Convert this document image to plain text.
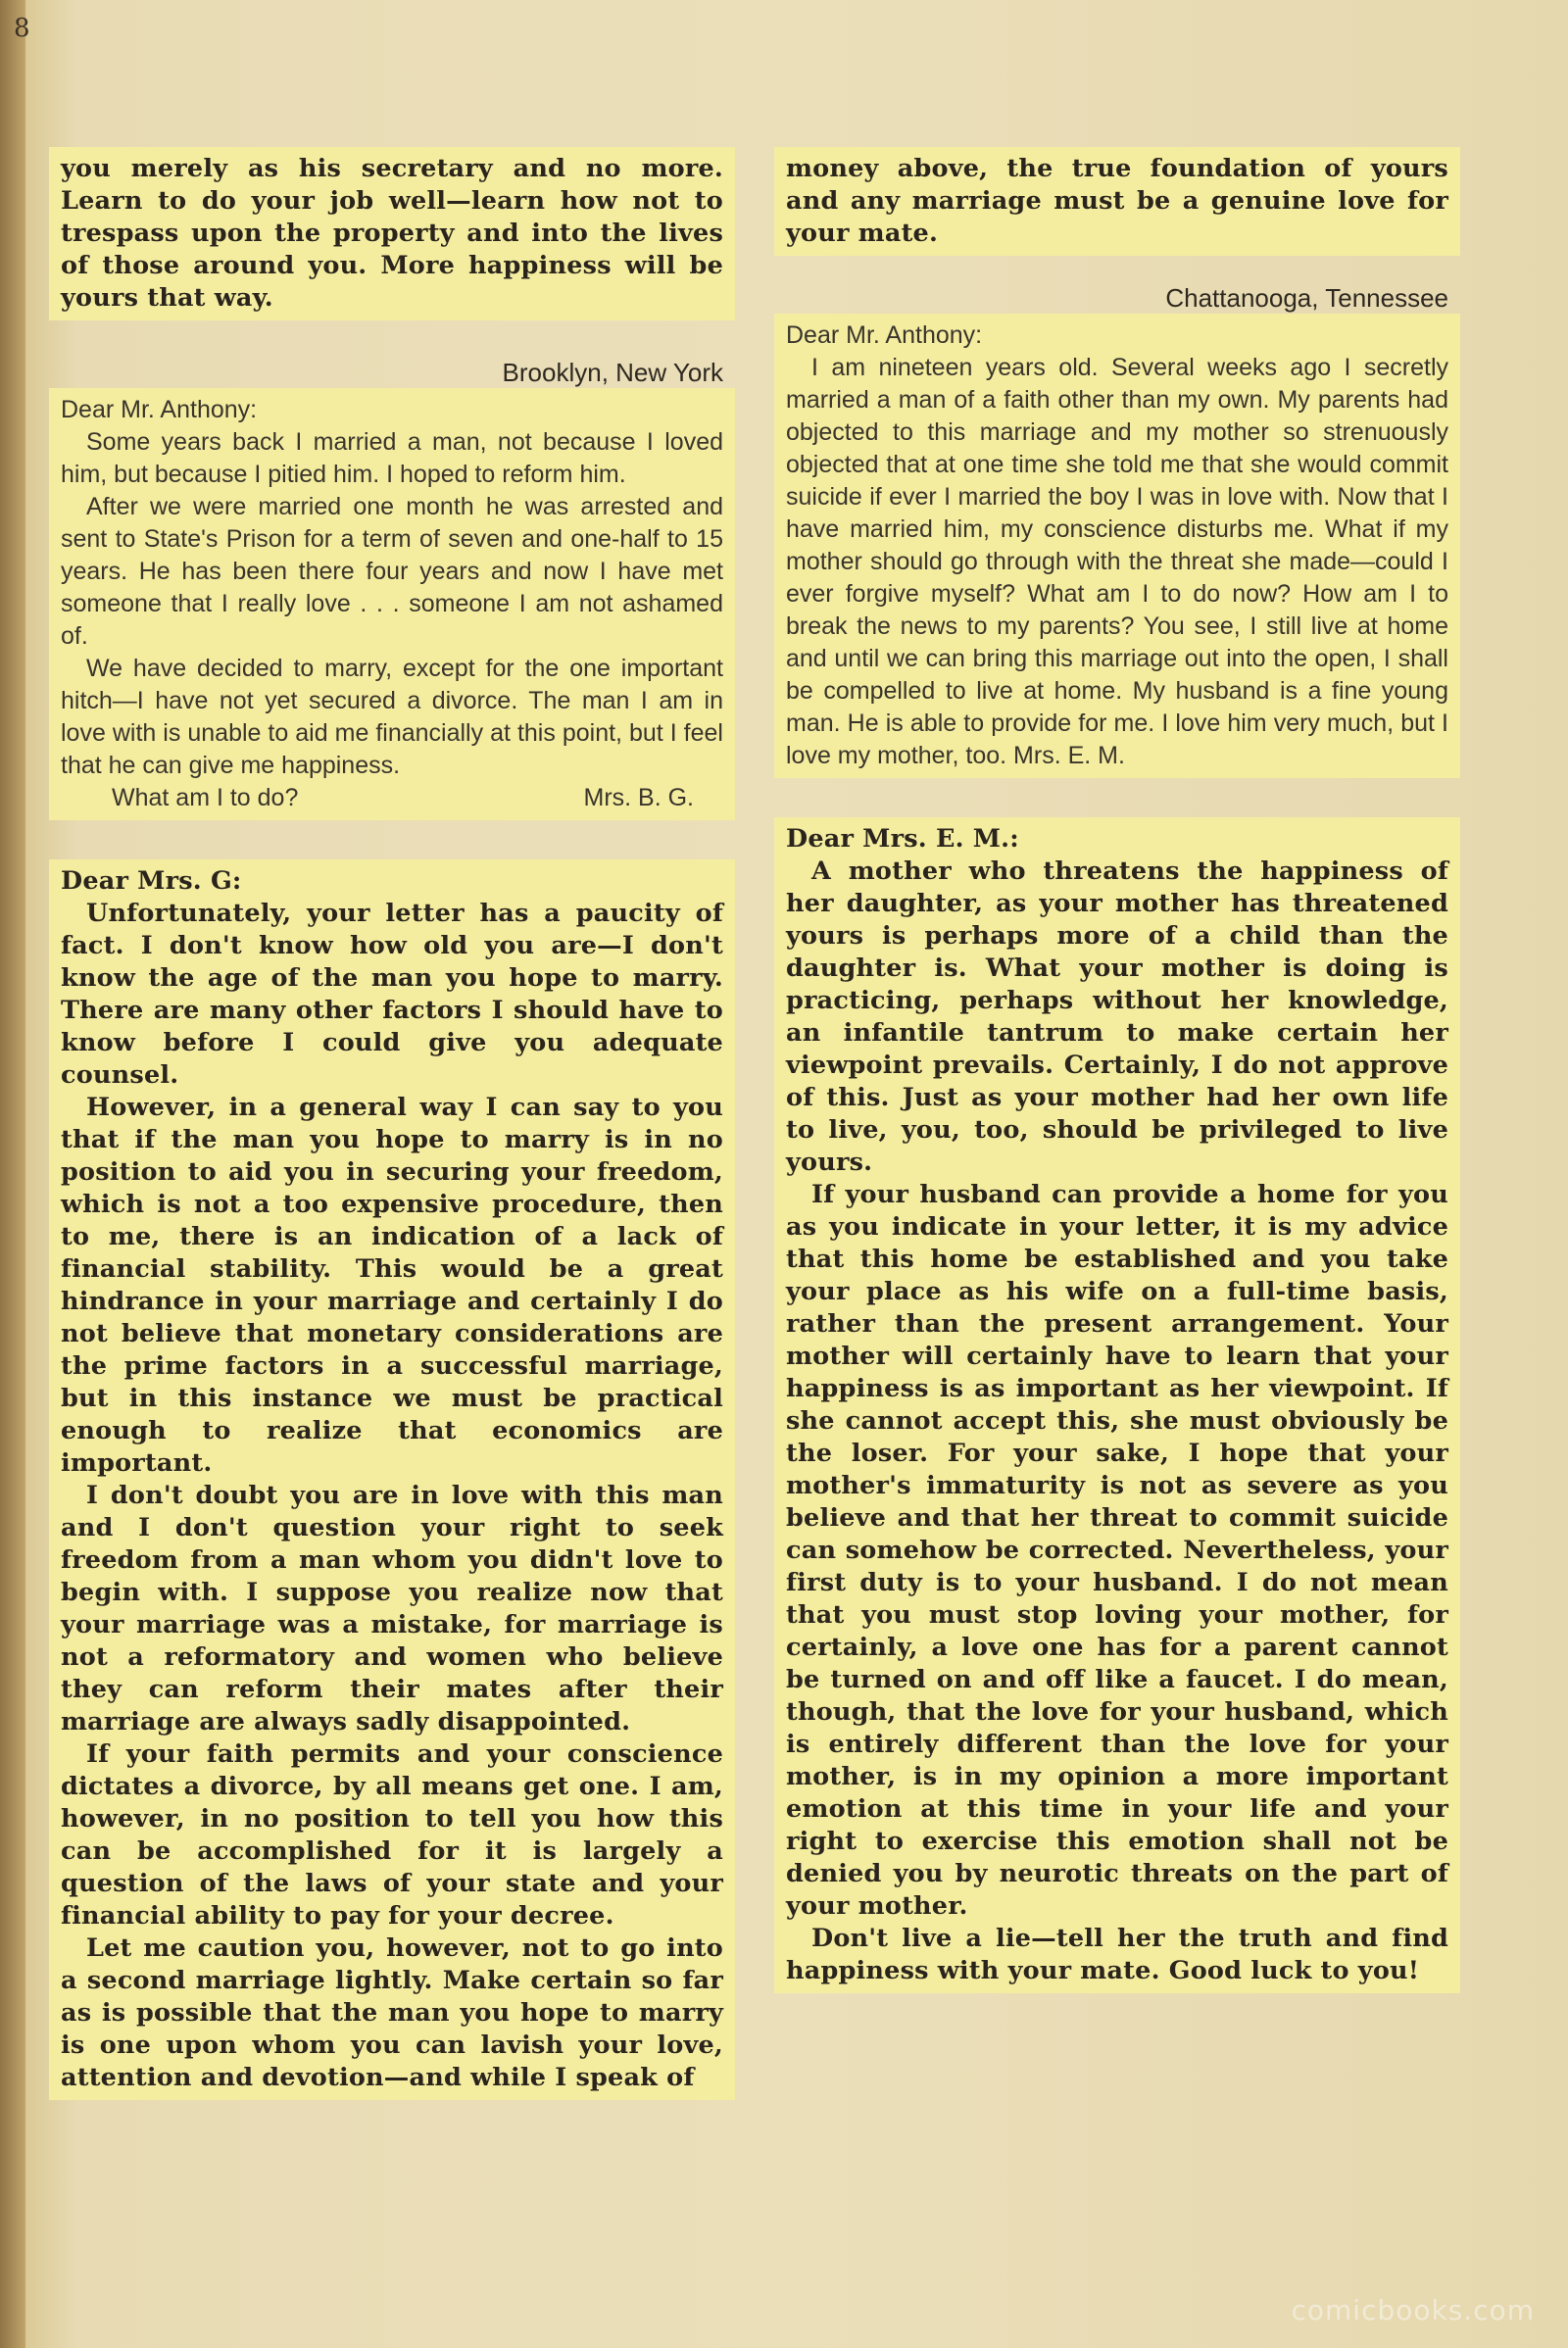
8

you merely as his secretary and no more. Learn to do your job well—learn how not to trespass upon the property and into the lives of those around you. More happiness will be yours that way.

Brooklyn, New York

Dear Mr. Anthony:

Some years back I married a man, not because I loved him, but because I pitied him. I hoped to reform him.

After we were married one month he was arrested and sent to State's Prison for a term of seven and one-half to 15 years. He has been there four years and now I have met someone that I really love . . . someone I am not ashamed of.

We have decided to marry, except for the one important hitch—I have not yet secured a divorce. The man I am in love with is unable to aid me financially at this point, but I feel that he can give me happiness.

What am I to do?	Mrs. B. G.

Dear Mrs. G:

Unfortunately, your letter has a paucity of fact. I don't know how old you are—I don't know the age of the man you hope to marry. There are many other factors I should have to know before I could give you adequate counsel.

However, in a general way I can say to you that if the man you hope to marry is in no position to aid you in securing your freedom, which is not a too expensive procedure, then to me, there is an indication of a lack of financial stability. This would be a great hindrance in your marriage and certainly I do not believe that monetary considerations are the prime factors in a successful marriage, but in this instance we must be practical enough to realize that economics are important.

I don't doubt you are in love with this man and I don't question your right to seek freedom from a man whom you didn't love to begin with. I suppose you realize now that your marriage was a mistake, for marriage is not a reformatory and women who believe they can reform their mates after their marriage are always sadly disappointed.

If your faith permits and your conscience dictates a divorce, by all means get one. I am, however, in no position to tell you how this can be accomplished for it is largely a question of the laws of your state and your financial ability to pay for your decree.

Let me caution you, however, not to go into a second marriage lightly. Make certain so far as is possible that the man you hope to marry is one upon whom you can lavish your love, attention and devotion—and while I speak of

money above, the true foundation of yours and any marriage must be a genuine love for your mate.

Chattanooga, Tennessee

Dear Mr. Anthony:

I am nineteen years old. Several weeks ago I secretly married a man of a faith other than my own. My parents had objected to this marriage and my mother so strenuously objected that at one time she told me that she would commit suicide if ever I married the boy I was in love with. Now that I have married him, my conscience disturbs me. What if my mother should go through with the threat she made—could I ever forgive myself? What am I to do now? How am I to break the news to my parents? You see, I still live at home and until we can bring this marriage out into the open, I shall be compelled to live at home. My husband is a fine young man. He is able to provide for me. I love him very much, but I love my mother, too. Mrs. E. M.

Dear Mrs. E. M.:

A mother who threatens the happiness of her daughter, as your mother has threatened yours is perhaps more of a child than the daughter is. What your mother is doing is practicing, perhaps without her knowledge, an infantile tantrum to make certain her viewpoint prevails. Certainly, I do not approve of this. Just as your mother had her own life to live, you, too, should be privileged to live yours.

If your husband can provide a home for you as you indicate in your letter, it is my advice that this home be established and you take your place as his wife on a full-time basis, rather than the present arrangement. Your mother will certainly have to learn that your happiness is as important as her viewpoint. If she cannot accept this, she must obviously be the loser. For your sake, I hope that your mother's immaturity is not as severe as you believe and that her threat to commit suicide can somehow be corrected. Nevertheless, your first duty is to your husband. I do not mean that you must stop loving your mother, for certainly, a love one has for a parent cannot be turned on and off like a faucet. I do mean, though, that the love for your husband, which is entirely different than the love for your mother, is in my opinion a more important emotion at this time in your life and your right to exercise this emotion shall not be denied you by neurotic threats on the part of your mother.

Don't live a lie—tell her the truth and find happiness with your mate. Good luck to you!

comicbooks.com
